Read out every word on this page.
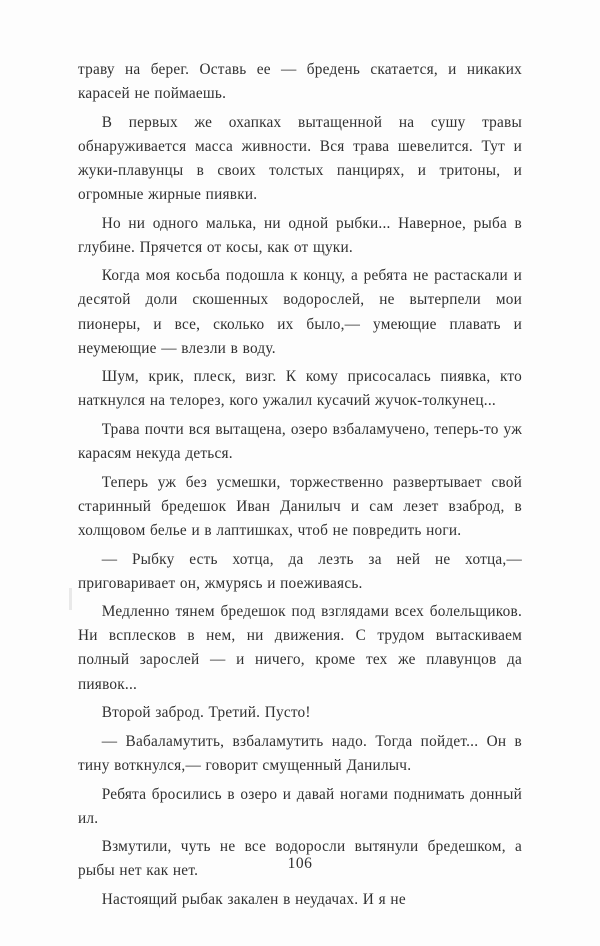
траву на берег. Оставь ее — бредень скатается, и никаких карасей не поймаешь.

В первых же охапках вытащенной на сушу травы обнаруживается масса живности. Вся трава шевелится. Тут и жуки-плавунцы в своих толстых панцирях, и тритоны, и огромные жирные пиявки.

Но ни одного малька, ни одной рыбки... Наверное, рыба в глубине. Прячется от косы, как от щуки.

Когда моя косьба подошла к концу, а ребята не растаскали и десятой доли скошенных водорослей, не вытерпели мои пионеры, и все, сколько их было,— умеющие плавать и неумеющие — влезли в воду.

Шум, крик, плеск, визг. К кому присосалась пиявка, кто наткнулся на телорез, кого ужалил кусачий жучок-толкунец...

Трава почти вся вытащена, озеро взбаламучено, теперь-то уж карасям некуда деться.

Теперь уж без усмешки, торжественно развертывает свой старинный бредешок Иван Данилыч и сам лезет взаброд, в холщовом белье и в лаптишках, чтоб не повредить ноги.

— Рыбку есть хотца, да лезть за ней не хотца,— приговаривает он, жмурясь и поеживаясь.

Медленно тянем бредешок под взглядами всех болельщиков. Ни всплесков в нем, ни движения. С трудом вытаскиваем полный зарослей — и ничего, кроме тех же плавунцов да пиявок...

Второй заброд. Третий. Пусто!

— Вабаламутить, взбаламутить надо. Тогда пойдет... Он в тину воткнулся,— говорит смущенный Данилыч.

Ребята бросились в озеро и давай ногами поднимать донный ил.

Взмутили, чуть не все водоросли вытянули бредешком, а рыбы нет как нет.

Настоящий рыбак закален в неудачах. И я не

106
